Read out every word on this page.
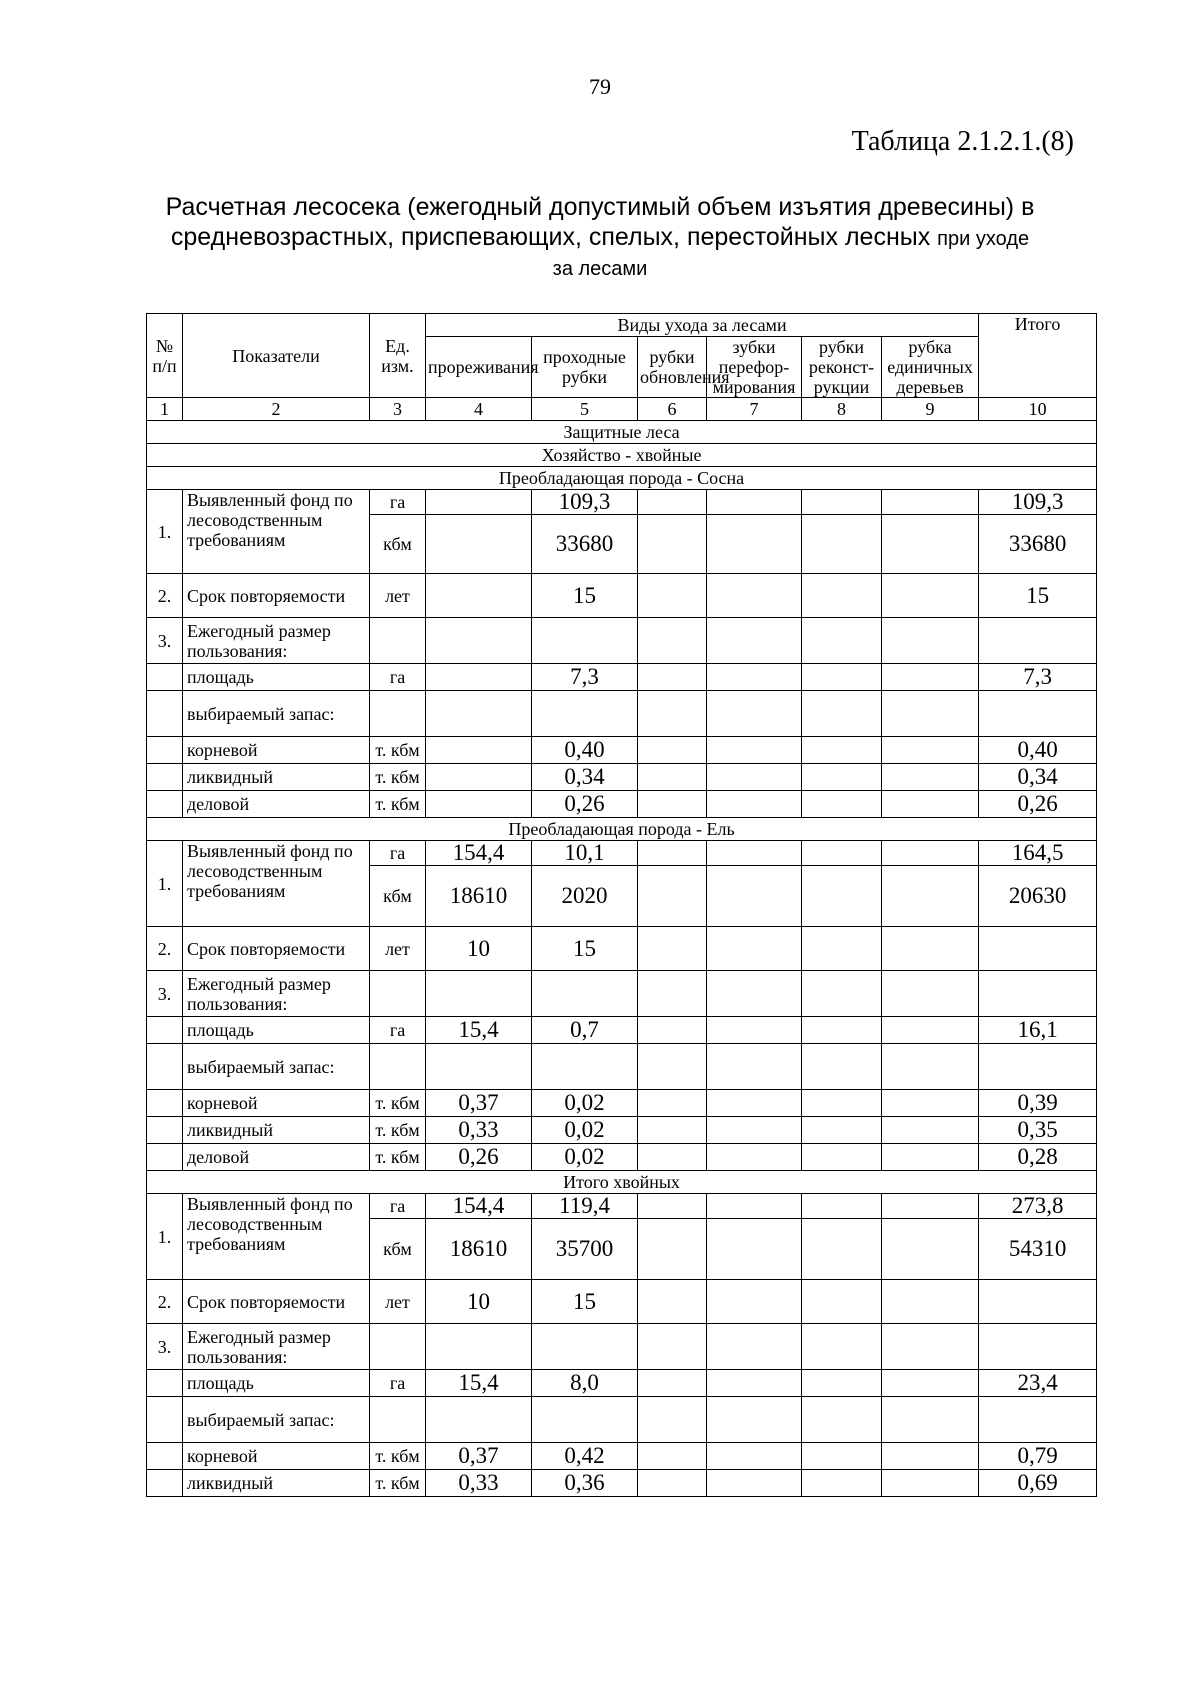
79
Таблица 2.1.2.1.(8)
Расчетная лесосека (ежегодный допустимый объем изъятия древесины) в
средневозрастных, приспевающих, спелых, перестойных лесных при уходе
за лесами
№ п/п	Показатели	Ед. изм.	Виды ухода за лесами						Итого
			прореживания	проходные рубки	рубки обновления	зубки перефор-мирования	рубки реконст-рукции	рубка единичных деревьев	

1	2	3	4	5	6	7	8	9	10
Защитные леса									
Хозяйство - хвойные									
Преобладающая порода - Сосна									
1.	Выявленный фонд по лесоводственным требованиям	га		109,3					109,3
		кбм		33680					33680
2.	Срок повторяемости	лет		15					15
3.	Ежегодный размер пользования:								
	площадь	га		7,3					7,3
	выбираемый запас:								
	корневой	т. кбм		0,40					0,40
	ликвидный	т. кбм		0,34					0,34
	деловой	т. кбм		0,26					0,26
Преобладающая порода - Ель									
1.	Выявленный фонд по лесоводственным требованиям	га	154,4	10,1					164,5
		кбм	18610	2020					20630
2.	Срок повторяемости	лет	10	15					
3.	Ежегодный размер пользования:								
	площадь	га	15,4	0,7					16,1
	выбираемый запас:								
	корневой	т. кбм	0,37	0,02					0,39
	ликвидный	т. кбм	0,33	0,02					0,35
	деловой	т. кбм	0,26	0,02					0,28
Итого хвойных									
1.	Выявленный фонд по лесоводственным требованиям	га	154,4	119,4					273,8
		кбм	18610	35700					54310
2.	Срок повторяемости	лет	10	15					
3.	Ежегодный размер пользования:								
	площадь	га	15,4	8,0					23,4
	выбираемый запас:								
	корневой	т. кбм	0,37	0,42					0,79
	ликвидный	т. кбм	0,33	0,36					0,69
